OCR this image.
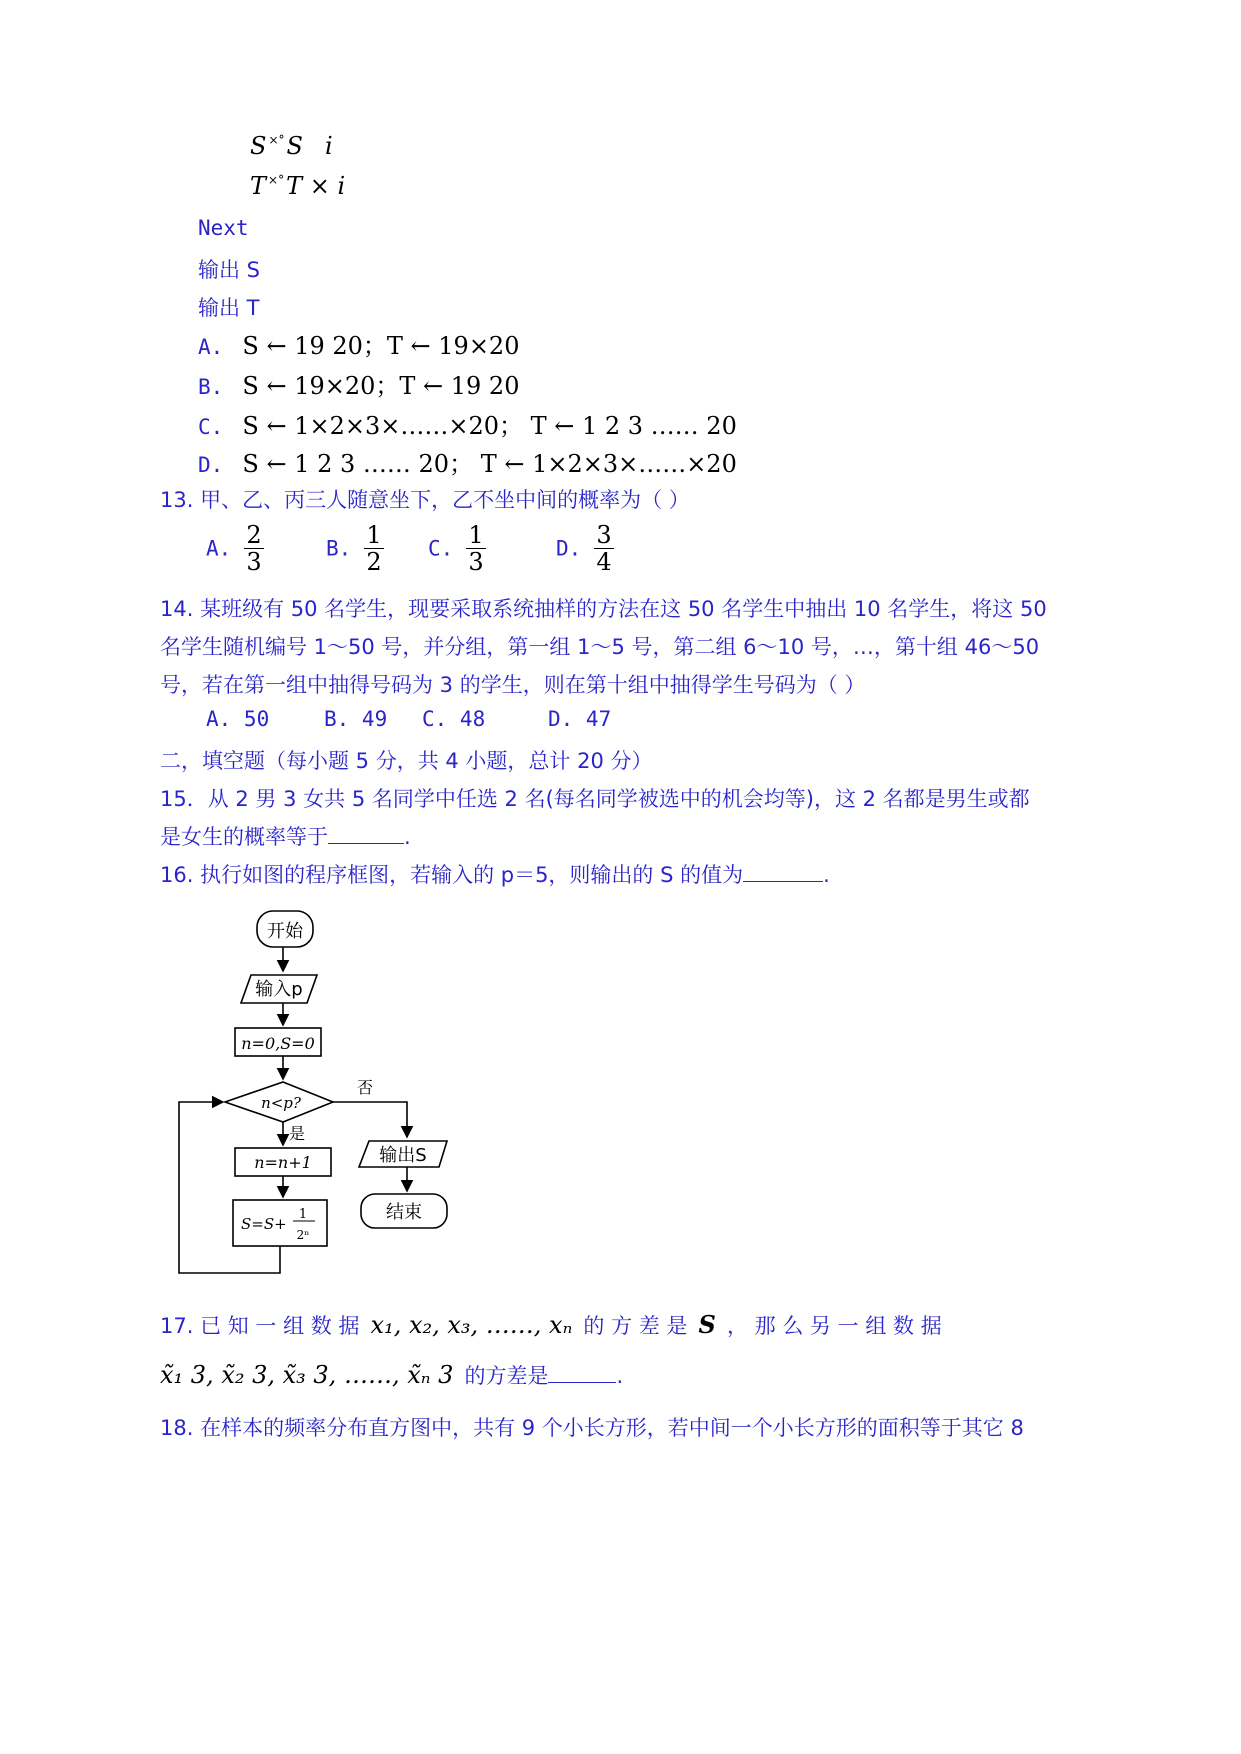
S ×°S i
T ×°T × i
Next
输出 S
输出 T
A. S ← 19 20；T ← 19×20
B. S ← 19×20；T ← 19 20
C. S ← 1×2×3×……×20； T ← 1 2 3 …… 20
D. S ← 1 2 3 …… 20； T ← 1×2×3×……×20
13. 甲、乙、丙三人随意坐下，乙不坐中间的概率为（ ）
A. $\frac{2}{3}$	B. $\frac{1}{2} C$. $\frac{1}{3}$	D. $\frac{3}{4}$
14. 某班级有 50 名学生，现要采取系统抽样的方法在这 50 名学生中抽出 10 名学生，将这 50
名学生随机编号 1～50 号，并分组，第一组 1～5 号，第二组 6～10 号，…，第十组 46～50
号，若在第一组中抽得号码为 3 的学生，则在第十组中抽得学生号码为（ ）
A. 50	B. 49 C. 48	D. 47
二，填空题（每小题 5 分，共 4 小题，总计 20 分）
15．从 2 男 3 女共 5 名同学中任选 2 名(每名同学被选中的机会均等)，这 2 名都是男生或都
是女生的概率等于	.
16. 执行如图的程序框图，若输入的 p＝5，则输出的 S 的值为	.
开始
输入p
n=0,S=0
n<p?
是
否
n=n+1
S=S+
1
2ⁿ
输出S
结束
17. 已 知 一 组 数 据 x₁, x₂, x₃, ……, xₙ 的 方 差 是 S ， 那 么 另 一 组 数 据
x̃₁ 3, x̃₂ 3, x̃₃ 3, ……, x̃ₙ 3 的方差是	.
18. 在样本的频率分布直方图中，共有 9 个小长方形，若中间一个小长方形的面积等于其它 8
